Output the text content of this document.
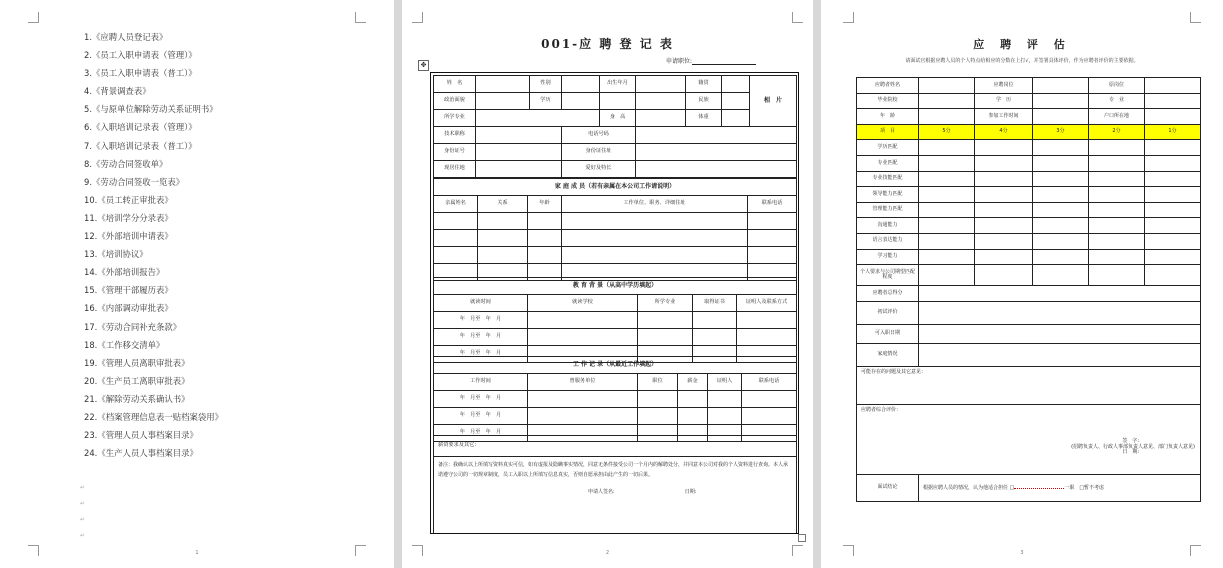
1.《应聘人员登记表》
2.《员工入职申请表（管理）》
3.《员工入职申请表（普工）》
4.《背景调查表》
5.《与原单位解除劳动关系证明书》
6.《入职培训记录表（管理）》
7.《入职培训记录表（普工）》
8.《劳动合同签收单》
9.《劳动合同签收一览表》
10.《员工转正审批表》
11.《培训学分分录表》
12.《外部培训申请表》
13.《培训协议》
14.《外部培训报告》
15.《管理干部履历表》
16.《内部调动审批表》
17.《劳动合同补充条款》
18.《工作移交清单》
19.《管理人员离职审批表》
20.《生产员工离职审批表》
21.《解除劳动关系确认书》
22.《档案管理信息表一贴档案袋用》
23.《管理人员人事档案目录》
24.《生产人员人事档案目录》
↵
↵
↵
↵
1
001-应 聘 登 记 表
申请职位:
✥
姓　名		性别		出生年月		籍贯		相　片
政治面貌		学历				民族		
所学专业				身　高		体重		
技术职称			电话号码					
身份证号			身份证住址					
现居住地			爱好及特长					
家 庭 成 员（若有亲属在本公司工作请说明）				
亲属姓名	关系	年龄	工作单位、职务、详细住址	联系电话

教 育 背 景（从高中学历填起）				
就读时间	就读学校	所学专业	取得证书	证明人及联系方式
年　月至　年　月				
年　月至　年　月				
年　月至　年　月				
工 作 记 录（从最近工作填起）					
工作时间	曾服务单位	职位	薪金	证明人	联系电话
年　月至　年　月					
年　月至　年　月					
年　月至　年　月					
薪资要求及其它：

备注：我确认以上所填写资料真实可信，如有虚报及隐瞒事实情况，同意无条件接受公司一个月内的解聘处分，并同意本公司对我的个人资料进行查询。本人承诺遵守公司的一切规章制度，员工入职以上所填写信息真实，否则自愿承担由此产生的一切后果。
申请人签名:	日期:
2
应 聘 评 估
请面试官根据应聘人员的个人特点给相应的分数在上打√，并签署具体评价，作为应聘者评价的主要依据。
应聘者姓名		应聘岗位		原岗位	
毕业院校		学　历		专　业	
年　龄		参加工作时间		户口所在地	
项　目	5分	4分	3分	2分	1分
学历匹配					
专业匹配					
专业技能匹配					
领导能力匹配					
管理能力匹配					
沟通能力					
语言表达能力					
学习能力					
个人要求与公司期望匹配程度					
应聘者总得分					
初试评价					
可入职日期					
家庭情况					
可能存在的问题及其它意见：					

应聘者综合评价：
签　字:
(招聘负责人、行政人事部负责人意见、部门负责人意见)
日　期:					

面试结论	根据应聘人员的情况，认为他适合担任 □ 一职　□暂不考虑				
3
